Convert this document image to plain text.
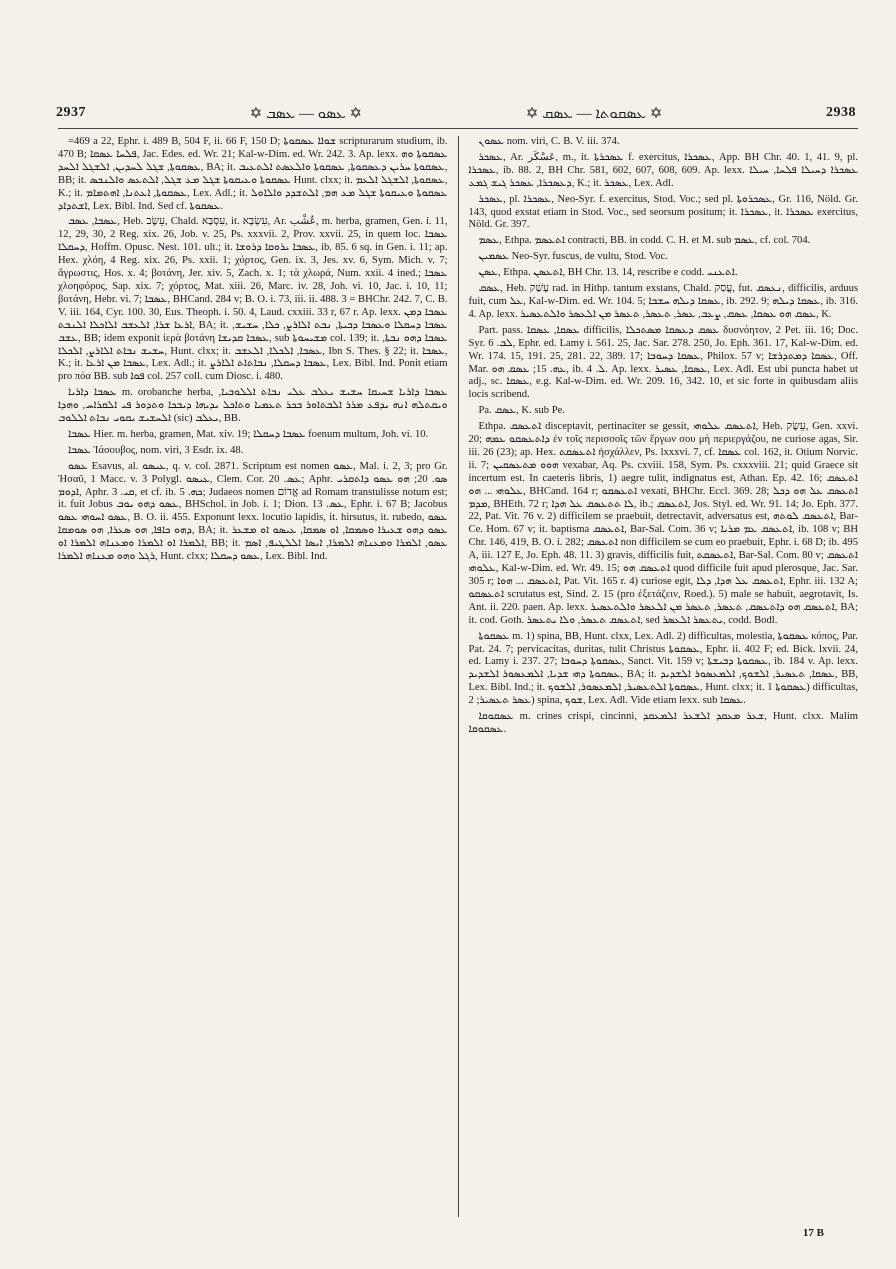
2937	✡ ܥܣܘ — ܥܣܒ ✡	✡ ܥܣܩܘܬܐ — ܥܣܩ ✡	2938

=469 a 22, Ephr. i. 489 B, 504 F, ii. 66 F, 150 D; ܫܘܐܐ ܥܣܩܘܬܐ scripturarum studium, ib. 470 B; ܦܠܚܐ ܥܣܩܐ, Jac. Edes. ed. Wr. 21; Kal-w-Dim. ed. Wr. 242. 3. Ap. lexx. ܥܣܩܘܬܐ ܘܗ ܥܣܩܘܬܐ, ܫܓܠ ܠܚܕܝܢ, ܐܠܫܓܠ ܐܠܚܕ, BA; it. ܥܣܩܘܬܐ ܚܪܝܢ ܕܥܣܩܘܬܐ, ܥܣܩܘܬܐ ܘܐܠܥܣܬ ܐܠܬܥܝܒ, BB; it. ܥܣܩܘܬܐ ܘܥܝܩܘܬܐ ܫܓܠ ܡܥ ܫܓܠ, ܐܠܬܥܣ ܘܐܠܢܟܣ Hunt. clxx; it. ܥܣܩܘܬܐ, ܐܠܫܓܠ ܐܠܥܡ, K.; it. ܥܣܩܘܬܐ, ܐܥܬܢܐ, ܐܗܬܡܐܡ, Lex. Adl.; it. ܥܣܩܘܬܐ ܘܥܝܩܘܬܐ ܫܓܠ ܡܥ ܗܡ, ܐܠܬܫܕܕ ܘܐܠܐܘܠ ܐܫܬܕܐܕ, Lex. Bibl. Ind. Sed cf. ܥܣܩܘܬܐ.

ܥܣܒܐ, ܥܣܒ, Heb. עֵשֶׂב, Chald. עִסְבָּא, it. עִשְׂבָּא, Ar. عُشْب, m. herba, gramen, Gen. i. 11, 12, 29, 30, 2 Reg. xix. 26, Job. v. 25, Ps. xxxvii. 2, Prov. xxvii. 25, in quem loc. ܥܣܒܐ ܕܚܩܠܐ, Hoffm. Opusc. Nest. 101. ult.; it. ܥܣܒܐ ܝܪܘܩܐ ܕܪܘܫܐ, ib. 85. 6 sq. in Gen. i. 11; ap. Hex. χλόη, 4 Reg. xix. 26, Ps. xxii. 1; χόρτος, Gen. ix. 3, Jes. xv. 6, Sym. Mich. v. 7; ἄγρωστις, Hos. x. 4; βοτάνη, Jer. xiv. 5, Zach. x. 1; τὰ χλωρά, Num. xxii. 4 ined.; ܥܣܒܐ χλοηφόρος, Sap. xix. 7; χόρτος, Mat. xiii. 26, Marc. iv. 28, Joh. vi. 10, Jac. i. 10, 11; βοτάνη, Hebr. vi. 7; ܥܣܒܐ, BHCand. 284 v; B. O. i. 73, iii. ii. 488. 3 = BHChr. 242. 7, C. B. V. iii. 164, Cyr. 100. 30, Eus. Theoph. i. 50. 4, Laud. cxxiii. 33 r, 67 r. Ap. lexx. ܥܣܒܐ ܕܡܢ ܐܪܥܐ ܫܪܐ, ܐܠܥܫܒ ܐܠܐܟܠܐ ܐܠܢܒܬ, BA; it. ܥܣܒܐ ܕܚܩܠܐ ܘܥܣܒܐ ܕܒܝܬܐ, ܢܒܬ ܐܠܐܪܨ, ܟܠܐ, ܚܫܝܫ, ܥܫܒ, BB; idem exponit ἱερὰ βοτάνη ܥܣܒܐ ܩܕܝܫܐ, sub ܡܫܝܚܘܬܐ col. 139; it. ܥܣܒܐ ܕܗܘ ܢܒܬܐ, ܚܫܝܫ ܢܒܐܬ ܐܠܐܪܨ, ܐܠܟܠܐ, Hunt. clxx; it. ܥܣܒܐ, ܐܠܟܠܐ, ܐܠܥܫܒ, Ibn S. Thes. § 22; it. ܥܣܒܐ, K.; it. ܥܣܒܐ ܡܢ ܐܪܥܐ, Lex. Adl.; it. ܥܣܒܐ ܕܚܩܠܐ, ܢܒܐܬܐܬ ܐܠܐܪܨ, Lex. Bibl. Ind. Ponit etiam pro πόα BB. sub ܦܘܐ col. 257 coll. cum Diosc. i. 480.

ܥܣܒܐ ܕܐܪܝܐ m. orobanche herba, ܥܣܒܐ ܕܐܪܝܐ ܫܚܝܩܐ ܚܫܝܫ ܝܥܠܒ ܥܠܝ ܢܒܐܬ ܐܠܠܘܒܝܐ, ܘܝܩܬܠܗ ܐܢܗ ܝܕܦܥ ܡܪܪ ܐܠܒܬܐܘܪ ܒܟܪ ܬܥܡܝܐ ܘܬܐܟܠ ܝܕܝܗܐ ܕܝܒܟܐ ܘܬܕܘܪ ܦܝ ܐܠܩܪܐܚ, ܘܗܕܐ ܐܠܚܫܝܫ ܝܩܘܝ ܢܒܐܬ ܐܠܠܘܒ (sic) ܝܥܠܒ, BB.

ܥܣܒܐ Hier. m. herba, gramen, Mat. xiv. 19; ܥܣܒܐ ܕܚܩܠܐ foenum multum, Joh. vi. 10.

ܥܣܒܐ Ἰάσουβος, nom. viri, 3 Esdr. ix. 48.

ܥܣܘ Esavus, al. ܥܝܣܘ, q. v. col. 2871. Scriptum est nomen ܥܣܘ, Mal. i. 2, 3; pro Gr. Ἡσαῦ, 1 Macc. v. 3 Polygl. ܥܝܣܘ, Clem. Cor. ܥܣ. 20; Aphr. ܣܘ. 20; ܗܘ ܥܣܘ ܕܐܬܩܪܝ ܐܕܘܡ, Aphr. ܩܝ. 3, et cf. ib. ܟܗ. 5; Judaeos nomen אֱדוֹם ad Romam transtulisse notum est; it. fuit Jobus ܥܣܘ ܕܗܘ ܝܘܒ, BHSchol. in Job. i. 1; Dion. ܥܣ. 13, Ephr. i. 67 B; Jacobus ܥܣܘ ܐܚܘܗܝ ܥܣܘ, B. O. ii. 455. Exponunt lexx. locutio lapidis, it. hirsutus, it. rubedo, ܥܣܘ ܕܗܘ ܟܐܦܐ, ܗܘ ܣܥܪܐ, ܗܘ ܣܘܡܩܐ, BA; it. ܥܣܘ ܕܗܘ ܫܥܝܪܐ ܘܣܡܩܐ, ܐܘ ܣܡܩܐ, ܥܝܣܘ ܐܘ ܡܫܥܪ ܐܠܡܪܐ ܐܘ ܐܠܡܪܐ ܘܡܥܢܐܗ ܐܠܡܪܐ ܐܘ, BB; it. ܥܣܘ, ܐܠܡܪܐ ܘܡܥܢܐܗ ܐܠܡܪܐ, ܐܝܣܐ ܐܠܠܛܝܦ, ܐܣܡ ܪܓܠ ܘܗܘ ܡܥܢܐܗ ܐܠܡܪܐ, Hunt. clxx; ܥܣܘ ܕܚܩܠܐ, Lex. Bibl. Ind.

ܥܣܘܢ nom. viri, C. B. V. iii. 374.

ܥܣܟܪ, Ar. عَسْكَر, m., it. ܥܣܟܪܬܐ f. exercitus, ܥܣܟܪܐ, App. BH Chr. 40. 1, 41. 9, pl. ܥܣܟܪܐ, ib. 88. 2, BH Chr. 581, 602, 607, 608, 609. Ap. lexx. ܥܣܟܪܐ ܕܚܝܠܐ ܦܠܚܐ, ܚܝܠܐ ܕܥܣܟܪܐ, ܥܣܟܪ ܓܝܫ ܓܡܥ, K.; it. ܥܣܟܪ, Lex. Adl.

ܥܣܟܪ, pl. ܥܣܟܪܐ, Neo-Syr. f. exercitus, Stod. Voc.; sed pl. ܥܣܟܪܘܬܐ, Gr. 116, Nöld. Gr. 143, quod exstat etiam in Stod. Voc., sed seorsum positum; it. ܥܣܟܪܐ, it. ܥܣܟܪܐ exercitus, Nöld. Gr. 397.

ܥܣܡ, Ethpa. ܐܬܥܣܡ contracti, BB. in codd. C. H. et M. sub ܥܣܡ, cf. col. 704.

ܥܣܡܝܢ Neo-Syr. fuscus, de vultu, Stod. Voc.

ܥܣܢ, Ethpa. ܐܬܥܣܢ, BH Chr. 13. 14, rescribe e codd. ܐܬܥܢܝ.

ܥܣܩ, Heb. עָשַׁק rad. in Hithp. tantum exstans, Chald. עֲסַק, fut. ܢܥܣܩ, difficilis, arduus fuit, cum ܥܠ, Kal-w-Dim. ed. Wr. 104. 5; ܥܣܩܐ ܕܝܠܗ ܚܫܒܐ, ib. 292. 9; ܥܣܩܐ ܕܝܠܗ, ib. 316. 4. Ap. lexx. ܥܣܩ ܗܘ ܥܣܩܐ, ܥܣܩ, ܨܥܒ, ܥܣܪ, ܬܥܣܪ, ܬܥܣܪ ܡܢ ܐܠܥܣܪ ܘܐܠܬܥܣܝܪ, K.

Part. pass. ܥܣܩܐ, ܥܣܩܐ difficilis, ܥܣܩ ܕܥܣܩܐ ܡܣܬܟܠܐ δυσνόητον, 2 Pet. iii. 16; Doc. Syr. ܠܒ. 6, Ephr. ed. Lamy i. 561. 25, Jac. Sar. 278. 250, Jo. Eph. 361. 17, Kal-w-Dim. ed. Wr. 174. 15, 191. 25, 281. 22, 389. 17; ܥܣܩܐ ܕܚܘܒܐ, Philox. 57 v; ܥܣܩܐ ܕܡܬܕܪܫܐ, Off. Mar. ܥܗ. 15; ܥܣܩ ܗܘ, ib. ܠ. 4. Ap. lexx. ܥܣܩܐ, ܥܣܝܪ, Lex. Adl. Est ubi puncta habet ut adj., sc. ܥܣܩܐ, e.g. Kal-w-Dim. ed. Wr. 209. 16, 342. 10, et sic forte in quibusdam aliis locis scribend.

Pa. ܥܣܩ, K. sub Pe.

Ethpa. ܐܬܥܣܩ disceptavit, pertinaciter se gessit, ܐܬܥܣܩ ܥܠܘܗܝ, Heb. עֵשֶׂק, Gen. xxvi. 20; ܕܐܬܥܣܩܘ ܥܡܗ ἐν τοῖς περισσοῖς τῶν ἔργων σου μὴ περιεργάζου, ne curiose agas, Sir. iii. 26 (23); ap. Hex. ܐܬܥܣܩܬ ἠσχάλλεν, Ps. lxxxvi. 7, cf. ܥܣܩܐ col. 162, it. Otium Norvic. ii. 7; ܗܘܘ ܡܬܥܣܩܝܢ vexabar, Aq. Ps. cxviii. 158, Sym. Ps. cxxxviii. 21; quid Graece sit incertum est. In caeteris libris, 1) aegre tulit, indignatus est, Athan. Ep. 42. 16; ܐܬܥܣܩ ܥܠܘܗܝ ... ܗܘ, BHCand. 164 r; ܐܬܥܣܩܘ vexati, BHChr. Eccl. 369. 28; ܐܬܥܣܩ ܥܠ ܗܘ ܕܟܠ ܡܕܡ, BHEth. 72 r; ܠܐ ܬܬܥܣܩ ܥܠ ܗܕܐ, ib.; ܐܬܥܣܩ, Jos. Styl. ed. Wr. 91. 14; Jo. Eph. 377. 22, Pat. Vit. 76 v. 2) difficilem se praebuit, detrectavit, adversatus est, ܐܬܥܣܩ ܠܘܬܗ, Bar-Ce. Hom. 67 v; it. baptisma ܐܬܥܣܩ, Bar-Sal. Com. 36 v; ܐܬܥܣܩ ܥܡ ܡܪܝܐ, ib. 108 v; BH Chr. 146, 419, B. O. i. 282; ܐܬܥܣܩ non difficilem se cum eo praebuit, Ephr. i. 68 D; ib. 495 A, iii. 127 E, Jo. Eph. 48. 11. 3) gravis, difficilis fuit, ܐܬܥܣܩܬ, Bar-Sal. Com. 80 v; ܐܬܥܣܩ ܥܠܘܗܝ, Kal-w-Dim. ed. Wr. 49. 15; ܐܬܥܣܩ ܗܘ quod difficile fuit apud plerosque, Jac. Sar. 305 r; ܐܬܥܣܩ ... ܗܘܐ, Pat. Vit. 165 r. 4) curiose egit, ܐܬܥܣܩ ܥܠ ܗܕܐ, ܕܠܐ, Ephr. iii. 132 A; ܐܬܥܣܩܘ scrutatus est, Sind. 2. 15 (pro ἐξετάζειν, Roed.). 5) male se habuit, aegrotavit, Is. Ant. ii. 220. paen. Ap. lexx. ܐܬܥܣܩ ܗܘ ܕܐܬܥܣܩ, ܬܥܣܪ, ܬܥܣܪ ܡܢ ܐܠܥܣܪ ܘܐܠܬܥܣܝܪ, BA; it. cod. Goth. ܐܬܥܣܩ ܬܥܣܪ, ܘܠܐ ܝܬܥܣܪ, sed ܝܬܥܣܪ ܐܠܥܣܪ, codd. Bodl.

ܥܣܩܘܬܐ m. 1) spina, BB, Hunt. clxx, Lex. Adl. 2) difficultas, molestia, ܥܣܩܘܬܐ κόπος, Par. Pat. 24. 7; pervicacitas, duritas, tulit Christus ܥܣܩܘܬܐ, Ephr. ii. 402 F; ed. Bick. lxvii. 24, ed. Lamy i. 237. 27; ܥܣܩܘܬܐ ܕܚܘܒܐ, Sanct. Vit. 159 v; ܥܣܩܘܬܐ ܕܒܝܫܬܐ, ib. 184 v. Ap. lexx. ܥܣܩܘܬܐ ܕܗܝ ܫܕܝܐ, ܐܠܡܥܣܘܪ ܐܠܫܕܝܕ, BA; it. ܥܣܩܐ, ܬܥܣܝܪ, ܐܠܫܘܟ, ܐܠܡܥܣܘܪ ܐܠܫܕܝܕ, BB, Lex. Bibl. Ind.; it. ܥܣܩܘܬܐ ܐܠܬܥܣܝܪ, ܐܠܡܥܣܘܪ, ܐܠܫܘܟ, Hunt. clxx; it. ܥܣܩܘܬܐ 1) difficultas, ܥܣܪ ܬܥܣܝܪ; 2) spina, ܫܘܟ, Lex. Adl. Vide etiam lexx. sub ܥܣܩܐ.

ܥܣܩܘܩܐ m. crines crispi, cincinni, ܫܥܪ ܡܥܩܕ ܐܠܫܥܪ ܐܠܡܥܩܕ, Hunt. clxx. Malim ܥܣܩܘܩܐ.

17 B
